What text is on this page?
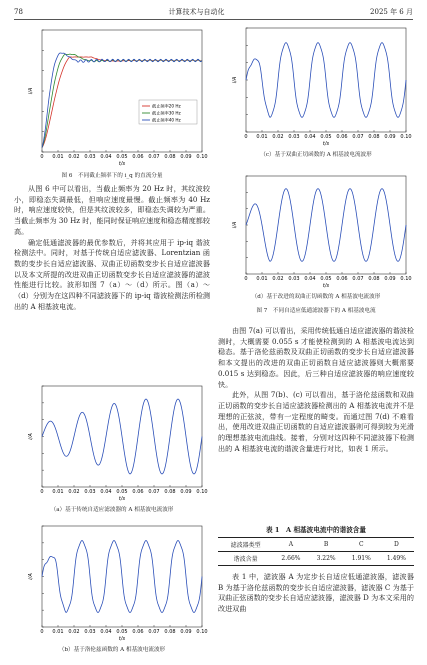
78	计算技术与自动化	2025 年 6 月
0 0.01 0.02 0.03 0.04 0.05 0.06 0.07 0.08 0.09 0.10
t/s
i/A
截止频率20 Hz
截止频率30 Hz
截止频率40 Hz
图 6　不同截止频率下的 i_q 的直流分量

从图 6 中可以看出，当截止频率为 20 Hz 时，其纹波较小，即稳态失调最低，但响应速度最慢。截止频率为 40 Hz 时，响应速度较快，但是其纹波较多，即稳态失调较为严重。当截止频率为 30 Hz 时，能同时保证响应速度和稳态精度都较高。

确定低通滤波器的最优参数后，并将其应用于 ip-iq 谐波检测法中。同时，对基于传统自适应滤波器、Lorentzian 函数的变步长自适应滤波器、双曲正切函数变步长自适应滤波器以及本文所提的改进双曲正切函数变步长自适应滤波器的滤波性能进行比较。波形如图 7（a）～（d）所示。图（a）～（d）分别为在这四种不同滤波器下的 ip-iq 谐波检测法所检测出的 A 相基波电流。

0 0.01 0.02 0.03 0.04 0.05 0.06 0.07 0.08 0.09 0.10
t/s
i/A
（a）基于传统自适应滤波器的 A 相基波电流波形
0 0.01 0.02 0.03 0.04 0.05 0.06 0.07 0.08 0.09 0.10
t/s
i/A
（b）基于洛伦兹函数的 A 相基波电流波形
0 0.01 0.02 0.03 0.04 0.05 0.06 0.07 0.08 0.09 0.10
t/s
i/A
（c）基于双曲正切函数的 A 相基波电流波形
0 0.01 0.02 0.03 0.04 0.05 0.06 0.07 0.08 0.09 0.10
t/s
i/A
（d）基于改进的双曲正切函数的 A 相基波电流波形
图 7　不同自适应低通滤波器下的 A 相基波电流

由图 7(a) 可以看出，采用传统低通自适应滤波器的谐波检测时，大概需要 0.055 s 才能使检测到的 A 相基波电流达到稳态。基于洛伦兹函数及双曲正切函数的变步长自适应滤波器和本文提出的改进的双曲正切函数自适应滤波器则大概需要 0.015 s 达到稳态。因此，后三种自适应滤波器的响应速度较快。

此外，从图 7(b)、(c) 可以看出，基于洛伦兹函数和双曲正切函数的变步长自适应滤波器检测出的 A 相基波电流并不是理想的正弦波，带有一定程度的畸变。而通过图 7(d) 不难看出，使用改进双曲正切函数的自适应滤波器则可得到较为光滑的理想基波电流曲线。接着，分别对这四种不同滤波器下检测出的 A 相基波电流的谐波含量进行对比，如表 1 所示。

表 1　A 相基波电流中的谐波含量

滤波器类型	A	B	C	D
谐波含量	2.66%	3.22%	1.91%	1.49%

表 1 中，滤波器 A 为定步长自适应低通滤波器，滤波器 B 为基于洛伦兹函数的变步长自适应滤波器，滤波器 C 为基于双曲正弦函数的变步长自适应滤波器，滤波器 D 为本文采用的改进双曲
